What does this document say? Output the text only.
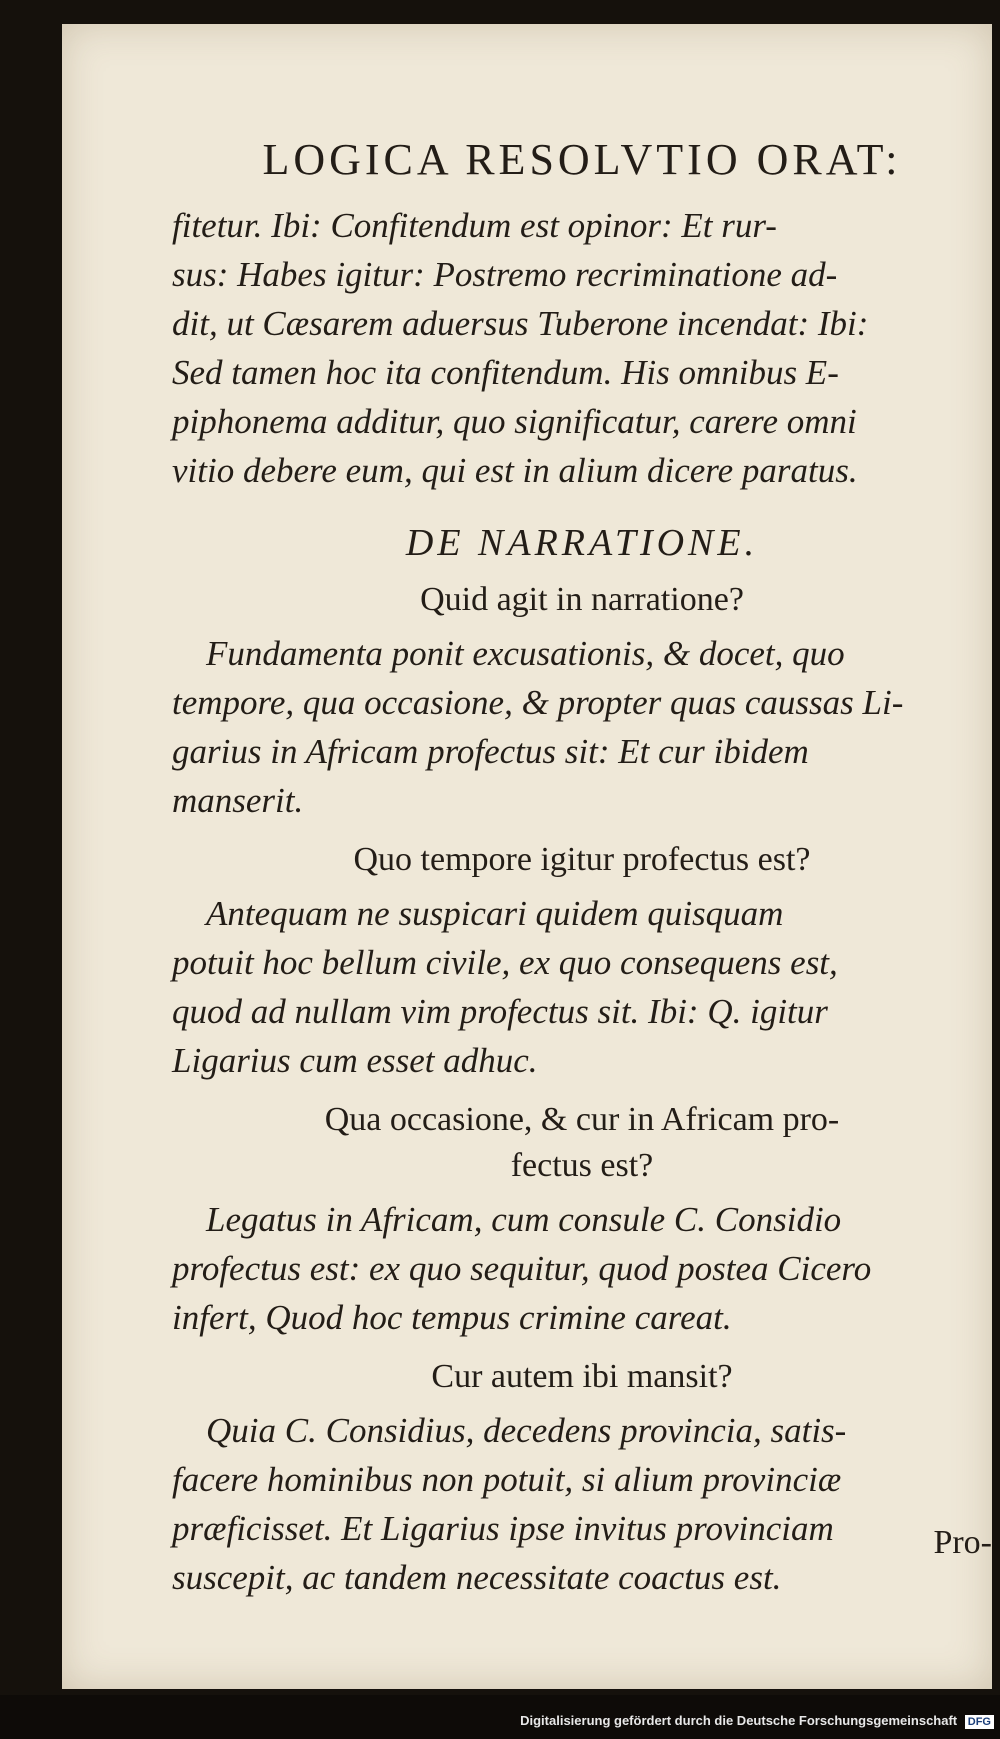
LOGICA RESOLVTIO ORAT:

fitetur. Ibi: Confitendum est opinor: Et rur-
sus: Habes igitur: Postremo recriminatione ad-
dit, ut Cæsarem aduersus Tuberone incendat: Ibi:
Sed tamen hoc ita confitendum. His omnibus E-
piphonema additur, quo significatur, carere omni
vitio debere eum, qui est in alium dicere paratus.

DE NARRATIONE.
Quid agit in narratione?

Fundamenta ponit excusationis, & docet, quo
tempore, qua occasione, & propter quas caussas Li-
garius in Africam profectus sit: Et cur ibidem
manserit.

Quo tempore igitur profectus est?

Antequam ne suspicari quidem quisquam
potuit hoc bellum civile, ex quo consequens est,
quod ad nullam vim profectus sit. Ibi: Q. igitur
Ligarius cum esset adhuc.

Qua occasione, & cur in Africam pro-
fectus est?

Legatus in Africam, cum consule C. Considio
profectus est: ex quo sequitur, quod postea Cicero
infert, Quod hoc tempus crimine careat.

Cur autem ibi mansit?

Quia C. Considius, decedens provincia, satis-
facere hominibus non potuit, si alium provinciæ
præficisset. Et Ligarius ipse invitus provinciam
suscepit, ac tandem necessitate coactus est.

Pro-
Digitalisierung gefördert durch die Deutsche Forschungsgemeinschaft DFG
